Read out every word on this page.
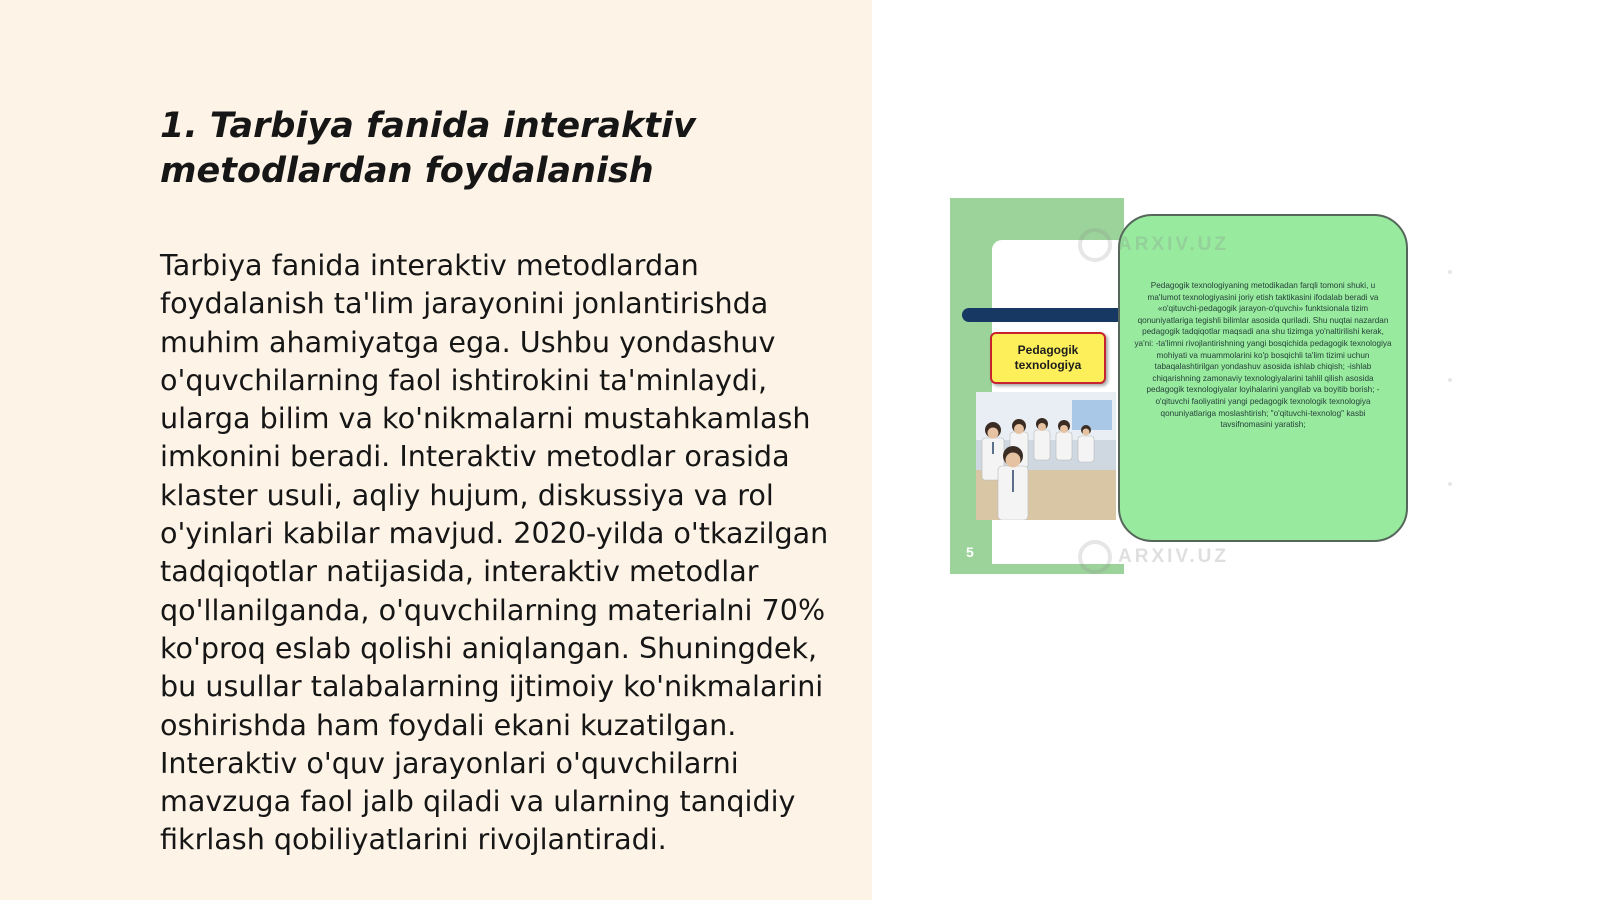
1. Tarbiya fanida interaktiv metodlardan foydalanish

Tarbiya fanida interaktiv metodlardan foydalanish ta'lim jarayonini jonlantirishda muhim ahamiyatga ega. Ushbu yondashuv o'quvchilarning faol ishtirokini ta'minlaydi, ularga bilim va ko'nikmalarni mustahkamlash imkonini beradi. Interaktiv metodlar orasida klaster usuli, aqliy hujum, diskussiya va rol o'yinlari kabilar mavjud. 2020-yilda o'tkazilgan tadqiqotlar natijasida, interaktiv metodlar qo'llanilganda, o'quvchilarning materialni 70% ko'proq eslab qolishi aniqlangan. Shuningdek, bu usullar talabalarning ijtimoiy ko'nikmalarini oshirishda ham foydali ekani kuzatilgan. Interaktiv o'quv jarayonlari o'quvchilarni mavzuga faol jalb qiladi va ularning tanqidiy fikrlash qobiliyatlarini rivojlantiradi.

Pedagogik texnologiya
5
Pedagogik texnologiyaning metodikadan farqli tomoni shuki, u ma'lumot texnologiyasini joriy etish taktikasini ifodalab beradi va «o'qituvchi-pedagogik jarayon-o'quvchi» funktsionala tizim qonuniyatlariga tegishli bilimlar asosida quriladi. Shu nuqtai nazardan pedagogik tadqiqotlar maqsadi ana shu tizimga yo'naltirilishi kerak, ya'ni: -ta'limni rivojlantirishning yangi bosqichida pedagogik texnologiya mohiyati va muammolarini ko'p bosqichli ta'lim tizimi uchun tabaqalashtirilgan yondashuv asosida ishlab chiqish; -ishlab chiqarishning zamonaviy texnologiyalarini tahlil qilish asosida pedagogik texnologiyalar loyihalarini yangilab va boyitib borish; -o'qituvchi faoliyatini yangi pedagogik texnologik texnologiya qonuniyatlariga moslashtirish; "o'qituvchi-texnolog" kasbi tavsifnomasini yaratish;
ARXIV.UZ
ARXIV.UZ
